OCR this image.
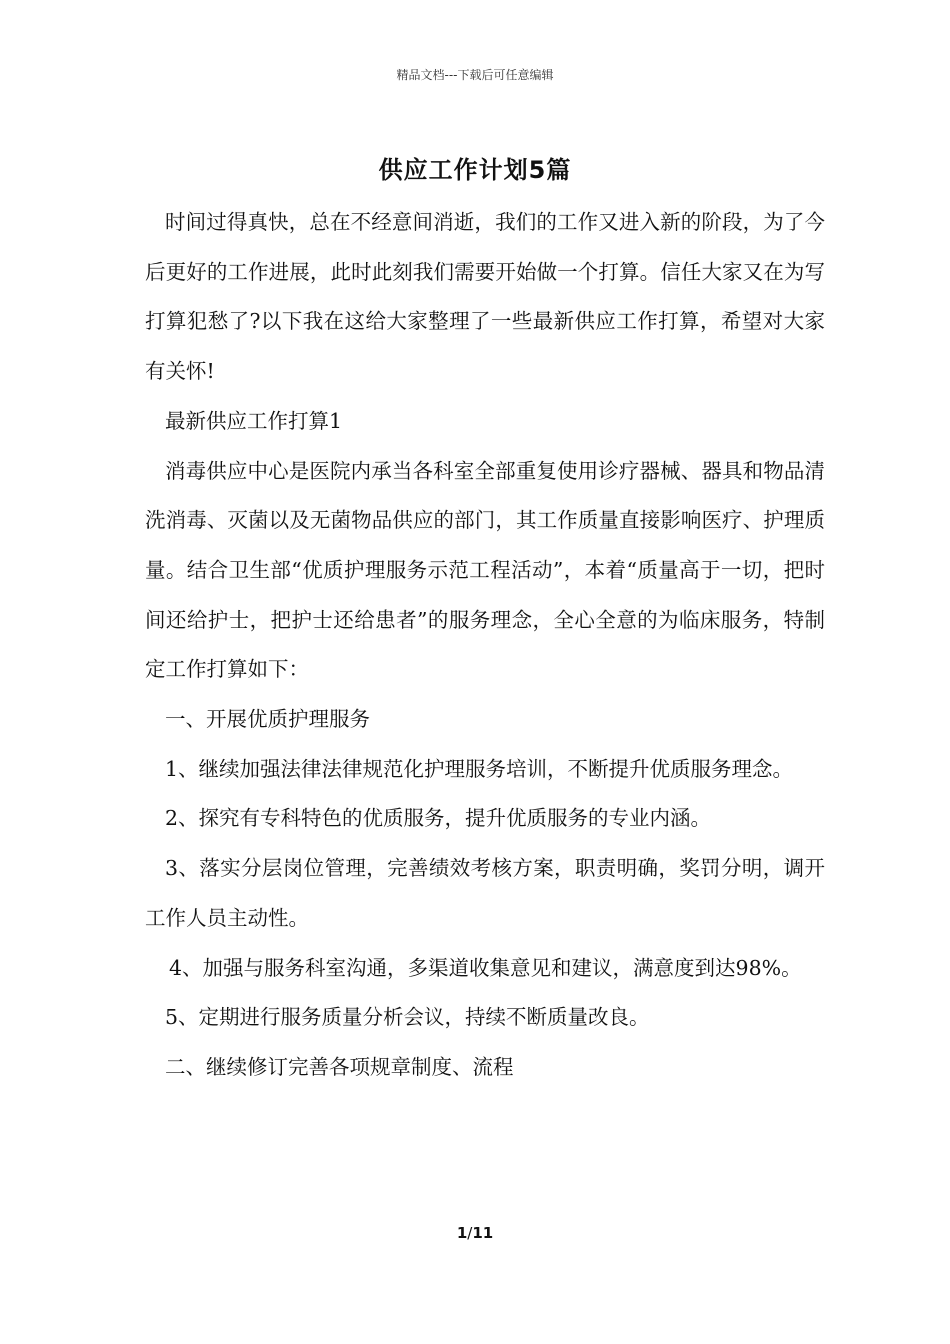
精品文档---下载后可任意编辑
供应工作计划5篇

时间过得真快，总在不经意间消逝，我们的工作又进入新的阶段，为了今后更好的工作进展，此时此刻我们需要开始做一个打算。信任大家又在为写打算犯愁了?以下我在这给大家整理了一些最新供应工作打算，希望对大家有关怀!

最新供应工作打算1

消毒供应中心是医院内承当各科室全部重复使用诊疗器械、器具和物品清洗消毒、灭菌以及无菌物品供应的部门，其工作质量直接影响医疗、护理质量。结合卫生部“优质护理服务示范工程活动”，本着“质量高于一切，把时间还给护士，把护士还给患者”的服务理念，全心全意的为临床服务，特制定工作打算如下：

一、开展优质护理服务

1、继续加强法律法律规范化护理服务培训，不断提升优质服务理念。

2、探究有专科特色的优质服务，提升优质服务的专业内涵。

3、落实分层岗位管理，完善绩效考核方案，职责明确，奖罚分明，调开工作人员主动性。

4、加强与服务科室沟通，多渠道收集意见和建议，满意度到达98%。

5、定期进行服务质量分析会议，持续不断质量改良。

二、继续修订完善各项规章制度、流程

1/11
